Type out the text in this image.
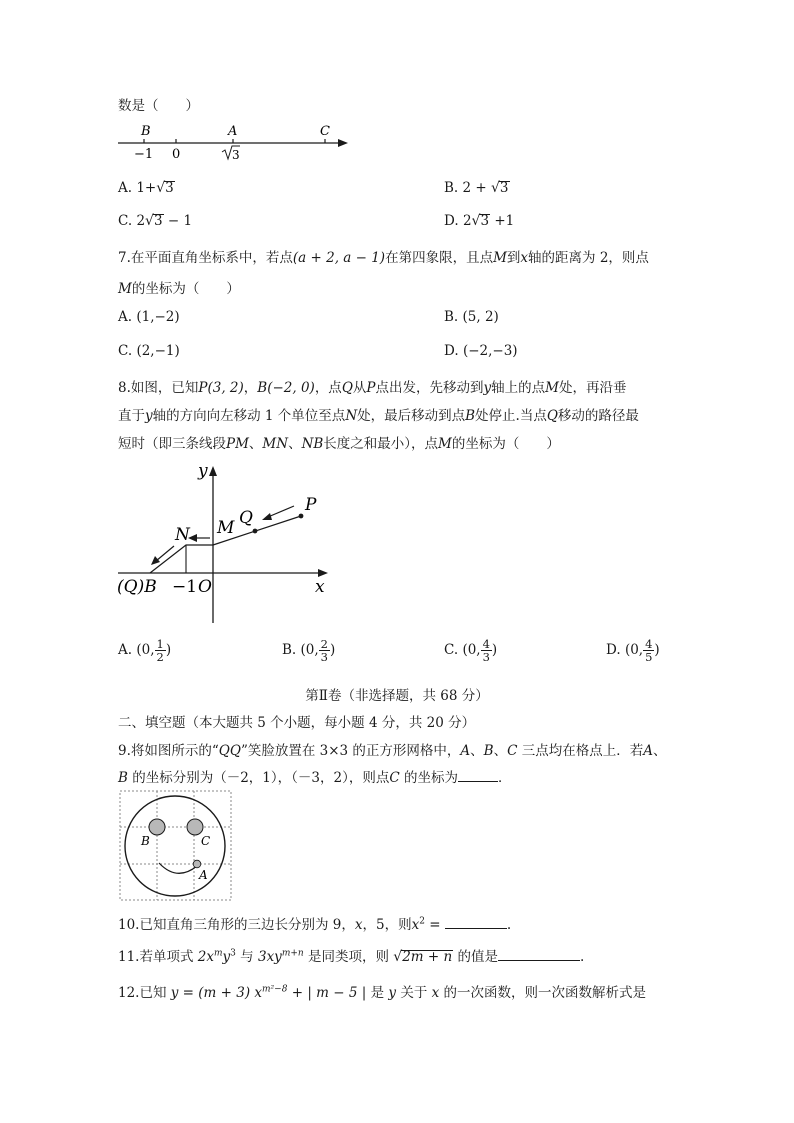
数是（　　）
B	A	C
−1 0	3
A. 1+√3	B. 2 + √3
C. 2√3 − 1	D. 2√3 +1
7.在平面直角坐标系中，若点(a + 2, a − 1)在第四象限，且点M到x轴的距离为 2，则点
M的坐标为（　　）
A. (1,−2)	B. (5, 2)
C. (2,−1)	D. (−2,−3)
8.如图，已知P(3, 2)，B(−2, 0)，点Q从P点出发，先移动到y轴上的点M处，再沿垂
直于y轴的方向向左移动 1 个单位至点N处，最后移动到点B处停止.当点Q移动的路径最
短时（即三条线段PM、MN、NB长度之和最小），点M的坐标为（　　）
y
x
P
Q
M
N
(Q)B −1 O
A. (0, $\frac{1}{2}$ )	B. (0, $\frac{2}{3}$ )	C. (0, $\frac{4}{3}$ )	D. (0, $\frac{4}{5}$ )
第Ⅱ卷（非选择题，共 68 分）
二、填空题（本大题共 5 个小题，每小题 4 分，共 20 分）
9.将如图所示的“QQ”笑脸放置在 3×3 的正方形网格中，A、B、C 三点均在格点上．若A、
B 的坐标分别为（－2，1），（－3，2），则点C 的坐标为	．
B	C
A
10.已知直角三角形的三边长分别为 9，x，5，则$x^2$ =	.
11.若单项式 $2x^my^3$ 与 $3xy^{m+n}$ 是同类项，则 √2m + n 的值是	.
12.已知 y = (m + 3) $x^{m^2-8}$ + | m − 5 | 是 y 关于 x 的一次函数，则一次函数解析式是
